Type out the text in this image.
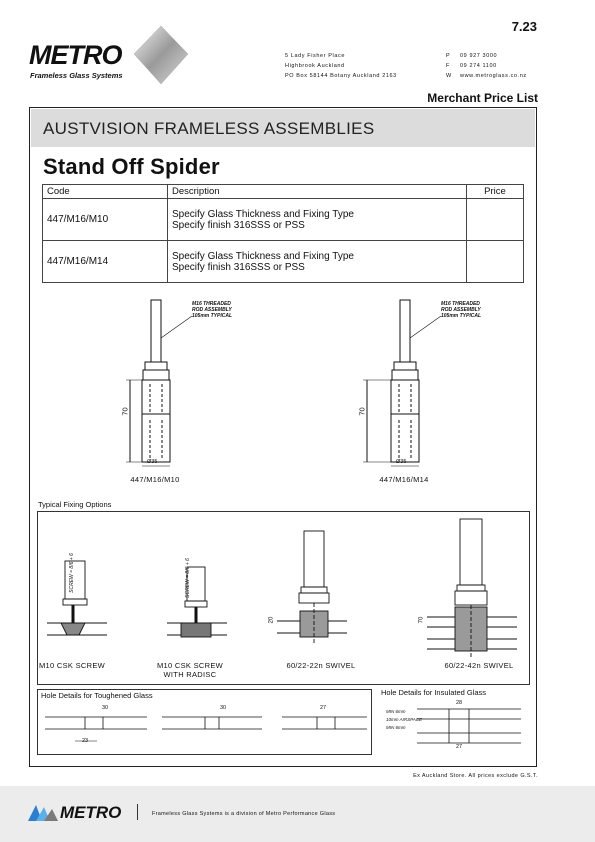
7.23
METRO
Frameless Glass Systems
5 Lady Fisher Place
Highbrook Auckland
PO Box 58144 Botany Auckland 2163
P 09 927 3000
F 09 274 1100
W www.metroglass.co.nz
Merchant Price List
AUSTVISION FRAMELESS ASSEMBLIES
Stand Off Spider
Code	Description	Price
447/M16/M10	Specify Glass Thickness and Fixing Type
Specify finish 316SSS or PSS	

447/M16/M14	Specify Glass Thickness and Fixing Type
Specify finish 316SSS or PSS	

70
M16 THREADED
ROD ASSEMBLY
105mm TYPICAL
Ø35
447/M16/M10
70
M16 THREADED
ROD ASSEMBLY
105mm TYPICAL
Ø35
447/M16/M14
Typical Fixing Options
SCREW = 8/6 + 6	SCREW = 8/6 + 6
20	70
M10 CSK SCREW	M10 CSK SCREW
WITH RADISC
60/22-22n SWIVEL	60/22-42n SWIVEL
Hole Details for Toughened Glass	Hole Details for Insulated Glass
30
23
30	27
28
27
MIN 6mm
10mm AIRSPACE
MIN 6mm
Ex Auckland Store. All prices exclude G.S.T.
METRO	Frameless Glass Systems is a division of Metro Performance Glass
